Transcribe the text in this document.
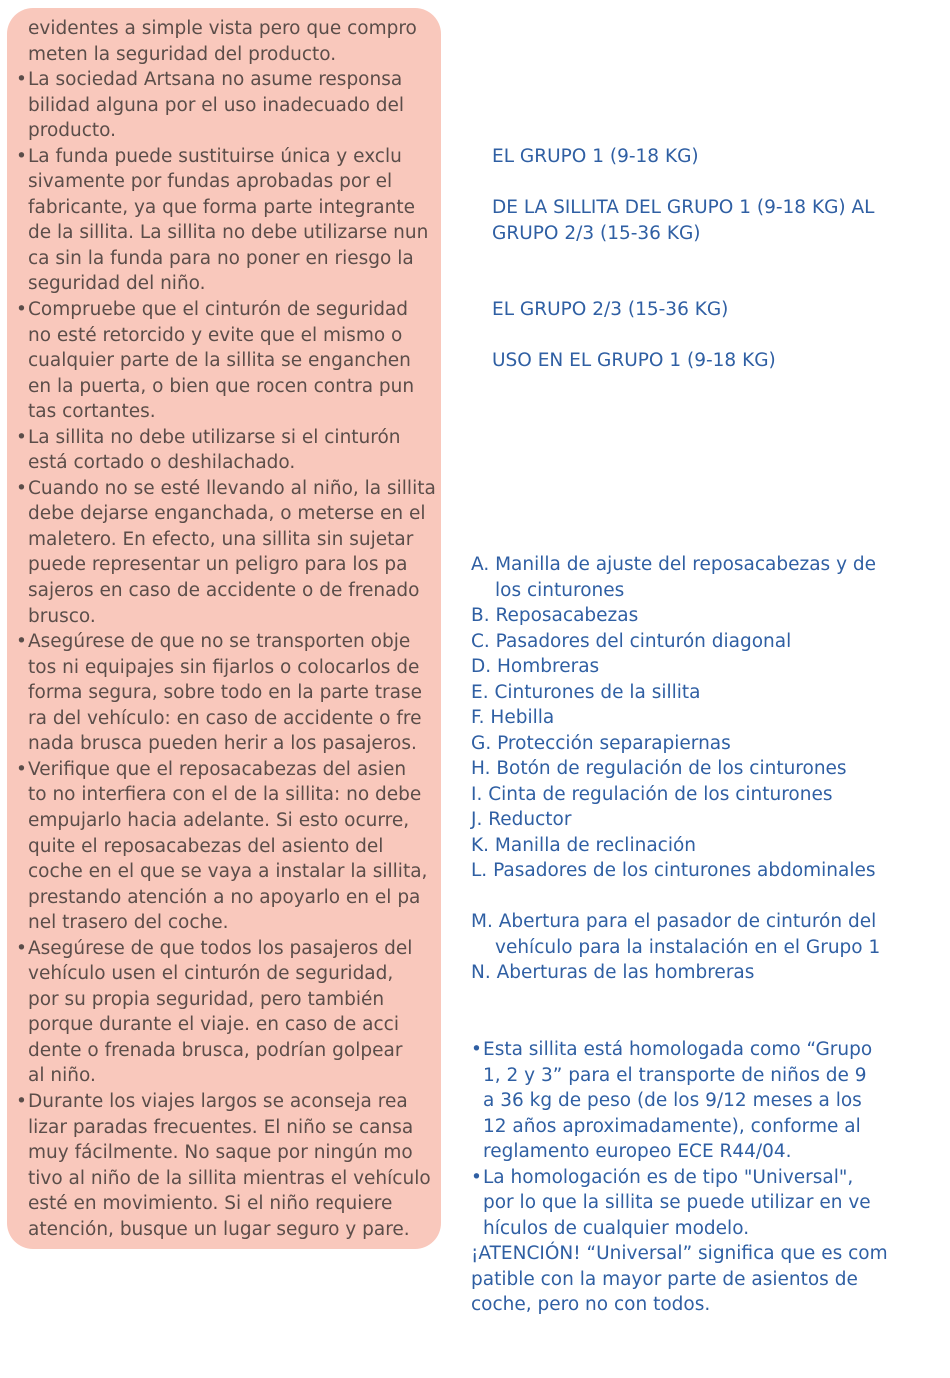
evidentes a simple vista pero que compro
meten la seguridad del producto.
•La sociedad Artsana no asume responsa
bilidad alguna por el uso inadecuado del
producto.
•La funda puede sustituirse única y exclu
sivamente por fundas aprobadas por el
fabricante, ya que forma parte integrante
de la sillita. La sillita no debe utilizarse nun
ca sin la funda para no poner en riesgo la
seguridad del niño.
•Compruebe que el cinturón de seguridad
no esté retorcido y evite que el mismo o
cualquier parte de la sillita se enganchen
en la puerta, o bien que rocen contra pun
tas cortantes.
•La sillita no debe utilizarse si el cinturón
está cortado o deshilachado.
•Cuando no se esté llevando al niño, la sillita
debe dejarse enganchada, o meterse en el
maletero. En efecto, una sillita sin sujetar
puede representar un peligro para los pa
sajeros en caso de accidente o de frenado
brusco.
•Asegúrese de que no se transporten obje
tos ni equipajes sin fijarlos o colocarlos de
forma segura, sobre todo en la parte trase
ra del vehículo: en caso de accidente o fre
nada brusca pueden herir a los pasajeros.
•Verifique que el reposacabezas del asien
to no interfiera con el de la sillita: no debe
empujarlo hacia adelante. Si esto ocurre,
quite el reposacabezas del asiento del
coche en el que se vaya a instalar la sillita,
prestando atención a no apoyarlo en el pa
nel trasero del coche.
•Asegúrese de que todos los pasajeros del
vehículo usen el cinturón de seguridad,
por su propia seguridad, pero también
porque durante el viaje. en caso de acci
dente o frenada brusca, podrían golpear
al niño.
•Durante los viajes largos se aconseja rea
lizar paradas frecuentes. El niño se cansa
muy fácilmente. No saque por ningún mo
tivo al niño de la sillita mientras el vehículo
esté en movimiento. Si el niño requiere
atención, busque un lugar seguro y pare.
EL GRUPO 1 (9-18 KG)
DE LA SILLITA DEL GRUPO 1 (9-18 KG) AL
GRUPO 2/3 (15-36 KG)
EL GRUPO 2/3 (15-36 KG)
USO EN EL GRUPO 1 (9-18 KG)
A. Manilla de ajuste del reposacabezas y de
los cinturones
B. Reposacabezas
C. Pasadores del cinturón diagonal
D. Hombreras
E. Cinturones de la sillita
F. Hebilla
G. Protección separapiernas
H. Botón de regulación de los cinturones
I. Cinta de regulación de los cinturones
J. Reductor
K. Manilla de reclinación
L. Pasadores de los cinturones abdominales

M. Abertura para el pasador de cinturón del
vehículo para la instalación en el Grupo 1
N. Aberturas de las hombreras
•Esta sillita está homologada como “Grupo
1, 2 y 3” para el transporte de niños de 9
a 36 kg de peso (de los 9/12 meses a los
12 años aproximadamente), conforme al
reglamento europeo ECE R44/04.
•La homologación es de tipo "Universal",
por lo que la sillita se puede utilizar en ve
hículos de cualquier modelo.
¡ATENCIÓN! “Universal” significa que es com
patible con la mayor parte de asientos de
coche, pero no con todos.
